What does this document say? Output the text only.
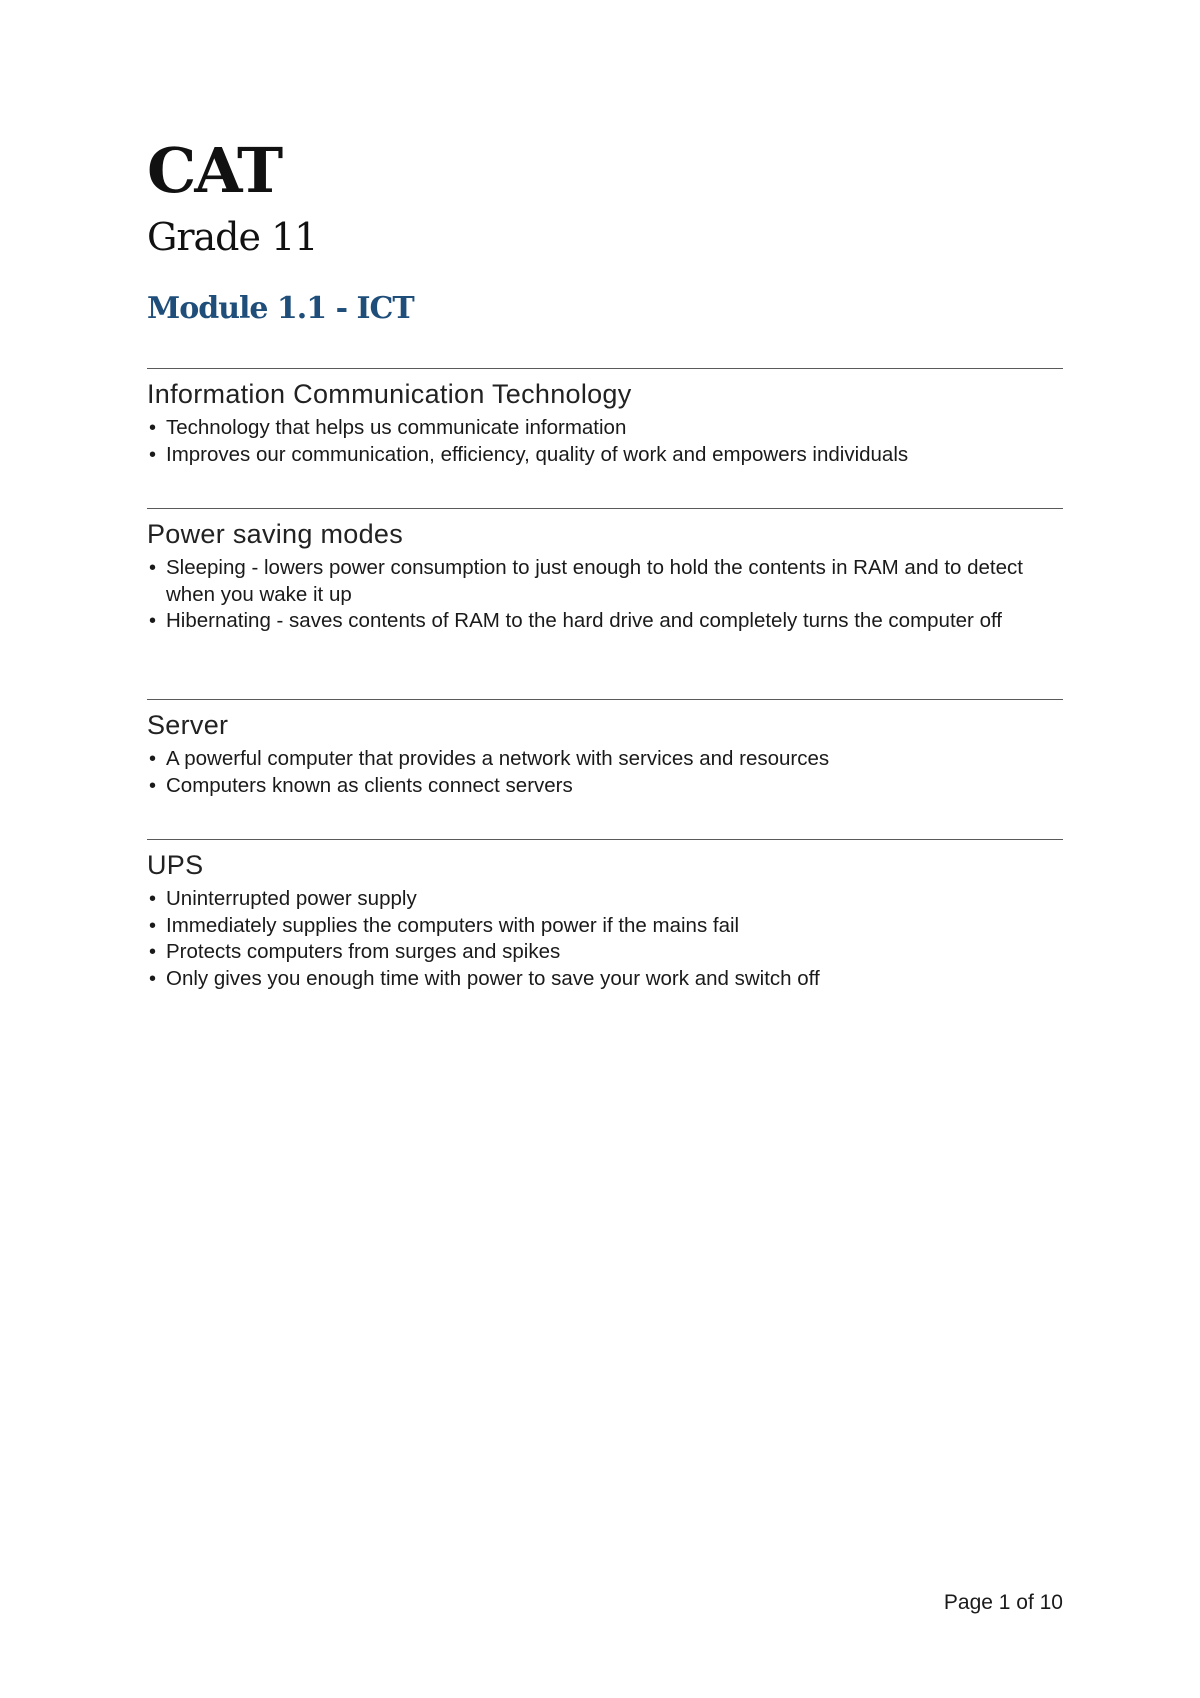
CAT
Grade 11
Module 1.1 - ICT
Information Communication Technology
• Technology that helps us communicate information
• Improves our communication, efficiency, quality of work and empowers individuals
Power saving modes
• Sleeping - lowers power consumption to just enough to hold the contents in RAM and to detect when you wake it up
• Hibernating - saves contents of RAM to the hard drive and completely turns the computer off
Server
• A powerful computer that provides a network with services and resources
• Computers known as clients connect servers
UPS
• Uninterrupted power supply
• Immediately supplies the computers with power if the mains fail
• Protects computers from surges and spikes
• Only gives you enough time with power to save your work and switch off
Page 1 of 10
